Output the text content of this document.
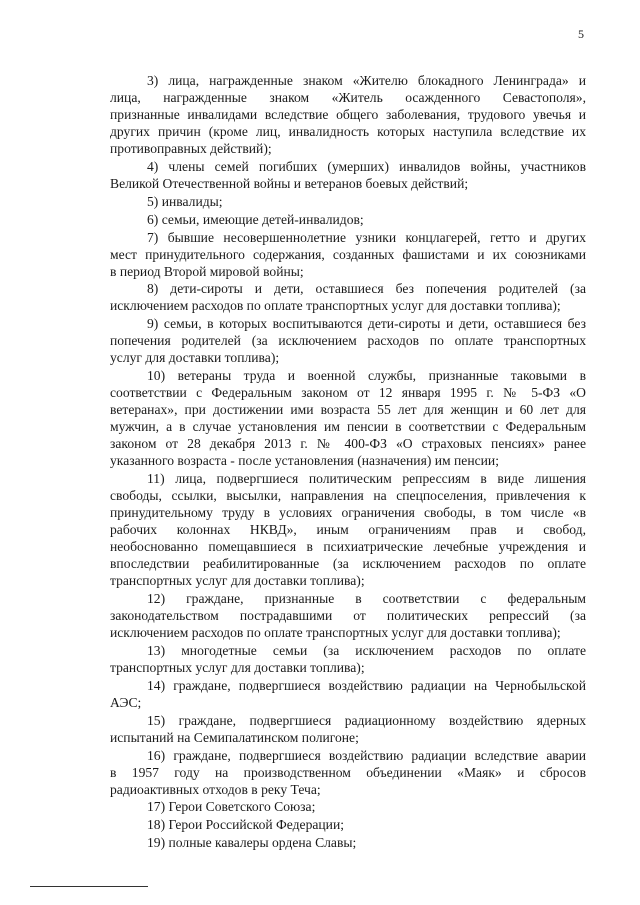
5
3) лица, награжденные знаком «Жителю блокадного Ленинграда» и
лица, награжденные знаком «Житель осажденного Севастополя»,
признанные инвалидами вследствие общего заболевания, трудового увечья и
других причин (кроме лиц, инвалидность которых наступила вследствие их
противоправных действий);
4) члены семей погибших (умерших) инвалидов войны, участников
Великой Отечественной войны и ветеранов боевых действий;
5) инвалиды;
6) семьи, имеющие детей-инвалидов;
7) бывшие несовершеннолетние узники концлагерей, гетто и других
мест принудительного содержания, созданных фашистами и их союзниками
в период Второй мировой войны;
8) дети-сироты и дети, оставшиеся без попечения родителей (за
исключением расходов по оплате транспортных услуг для доставки топлива);
9) семьи, в которых воспитываются дети-сироты и дети, оставшиеся без
попечения родителей (за исключением расходов по оплате транспортных
услуг для доставки топлива);
10) ветераны труда и военной службы, признанные таковыми в
соответствии с Федеральным законом от 12 января 1995 г. № 5-ФЗ «О
ветеранах», при достижении ими возраста 55 лет для женщин и 60 лет для
мужчин, а в случае установления им пенсии в соответствии с Федеральным
законом от 28 декабря 2013 г. № 400-ФЗ «О страховых пенсиях» ранее
указанного возраста - после установления (назначения) им пенсии;
11) лица, подвергшиеся политическим репрессиям в виде лишения
свободы, ссылки, высылки, направления на спецпоселения, привлечения к
принудительному труду в условиях ограничения свободы, в том числе «в
рабочих колоннах НКВД», иным ограничениям прав и свобод,
необоснованно помещавшиеся в психиатрические лечебные учреждения и
впоследствии реабилитированные (за исключением расходов по оплате
транспортных услуг для доставки топлива);
12) граждане, признанные в соответствии с федеральным
законодательством пострадавшими от политических репрессий (за
исключением расходов по оплате транспортных услуг для доставки топлива);
13) многодетные семьи (за исключением расходов по оплате
транспортных услуг для доставки топлива);
14) граждане, подвергшиеся воздействию радиации на Чернобыльской
АЭС;
15) граждане, подвергшиеся радиационному воздействию ядерных
испытаний на Семипалатинском полигоне;
16) граждане, подвергшиеся воздействию радиации вследствие аварии
в 1957 году на производственном объединении «Маяк» и сбросов
радиоактивных отходов в реку Теча;
17) Герои Советского Союза;
18) Герои Российской Федерации;
19) полные кавалеры ордена Славы;
